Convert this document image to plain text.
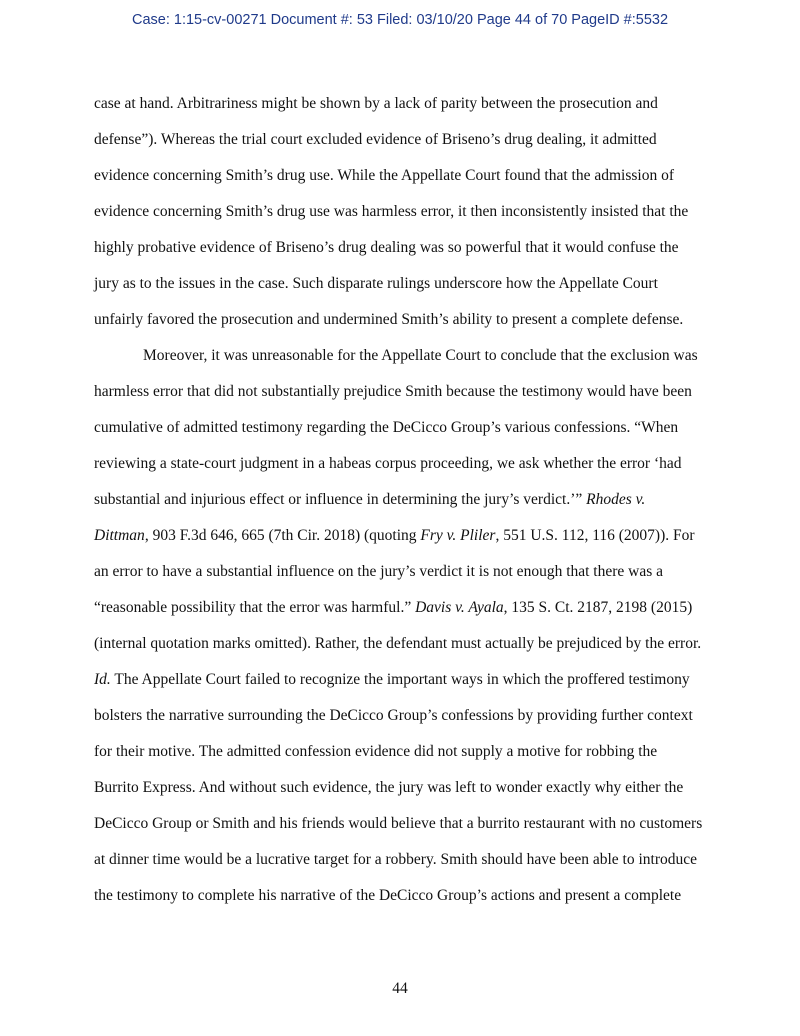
Case: 1:15-cv-00271 Document #: 53 Filed: 03/10/20 Page 44 of 70 PageID #:5532
case at hand. Arbitrariness might be shown by a lack of parity between the prosecution and
defense”). Whereas the trial court excluded evidence of Briseno’s drug dealing, it admitted
evidence concerning Smith’s drug use. While the Appellate Court found that the admission of
evidence concerning Smith’s drug use was harmless error, it then inconsistently insisted that the
highly probative evidence of Briseno’s drug dealing was so powerful that it would confuse the
jury as to the issues in the case. Such disparate rulings underscore how the Appellate Court
unfairly favored the prosecution and undermined Smith’s ability to present a complete defense.
Moreover, it was unreasonable for the Appellate Court to conclude that the exclusion was
harmless error that did not substantially prejudice Smith because the testimony would have been
cumulative of admitted testimony regarding the DeCicco Group’s various confessions. “When
reviewing a state-court judgment in a habeas corpus proceeding, we ask whether the error ‘had
substantial and injurious effect or influence in determining the jury’s verdict.’” Rhodes v.
Dittman, 903 F.3d 646, 665 (7th Cir. 2018) (quoting Fry v. Pliler, 551 U.S. 112, 116 (2007)). For
an error to have a substantial influence on the jury’s verdict it is not enough that there was a
“reasonable possibility that the error was harmful.” Davis v. Ayala, 135 S. Ct. 2187, 2198 (2015)
(internal quotation marks omitted). Rather, the defendant must actually be prejudiced by the error.
Id. The Appellate Court failed to recognize the important ways in which the proffered testimony
bolsters the narrative surrounding the DeCicco Group’s confessions by providing further context
for their motive. The admitted confession evidence did not supply a motive for robbing the
Burrito Express. And without such evidence, the jury was left to wonder exactly why either the
DeCicco Group or Smith and his friends would believe that a burrito restaurant with no customers
at dinner time would be a lucrative target for a robbery. Smith should have been able to introduce
the testimony to complete his narrative of the DeCicco Group’s actions and present a complete
44
